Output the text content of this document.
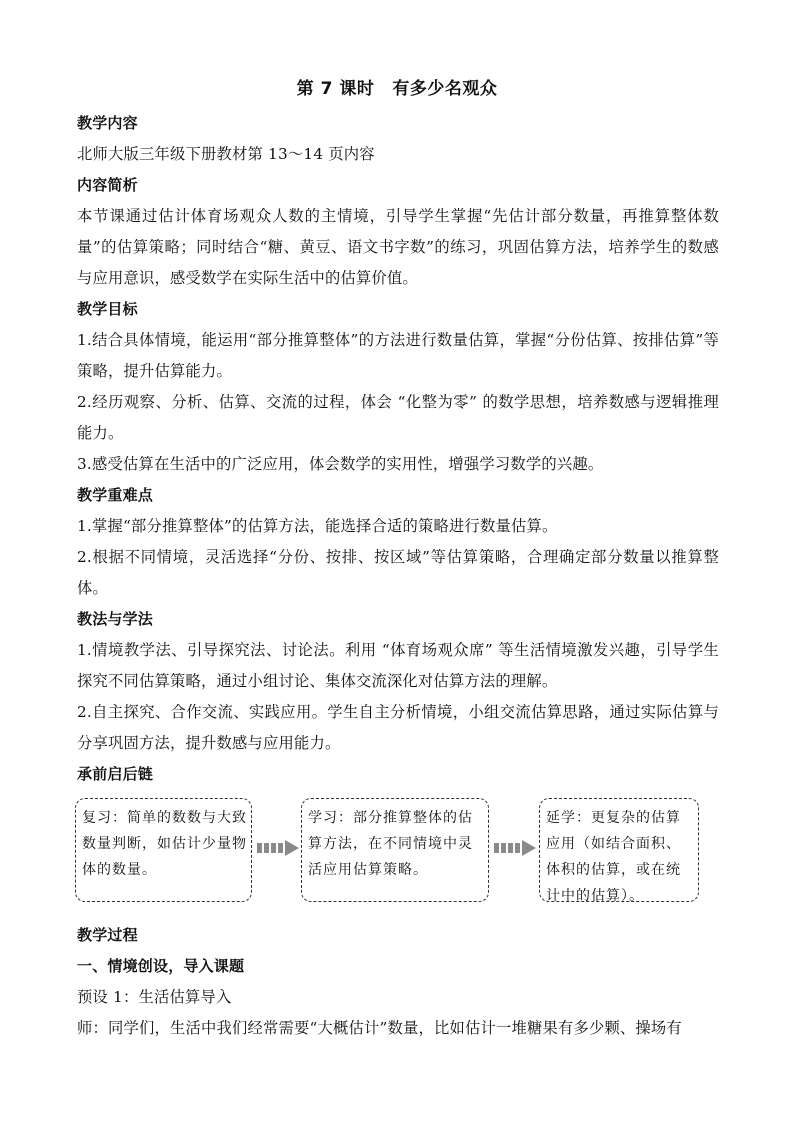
第 7 课时 有多少名观众
教学内容
北师大版三年级下册教材第 13～14 页内容
内容简析
本节课通过估计体育场观众人数的主情境，引导学生掌握“先估计部分数量，再推算整体数量”的估算策略；同时结合“糖、黄豆、语文书字数”的练习，巩固估算方法，培养学生的数感与应用意识，感受数学在实际生活中的估算价值。
教学目标
1.结合具体情境，能运用“部分推算整体”的方法进行数量估算，掌握“分份估算、按排估算”等策略，提升估算能力。
2.经历观察、分析、估算、交流的过程，体会 “化整为零” 的数学思想，培养数感与逻辑推理能力。
3.感受估算在生活中的广泛应用，体会数学的实用性，增强学习数学的兴趣。
教学重难点
1.掌握“部分推算整体”的估算方法，能选择合适的策略进行数量估算。
2.根据不同情境，灵活选择“分份、按排、按区域”等估算策略，合理确定部分数量以推算整体。
教法与学法
1.情境教学法、引导探究法、讨论法。利用 “体育场观众席” 等生活情境激发兴趣，引导学生探究不同估算策略，通过小组讨论、集体交流深化对估算方法的理解。
2.自主探究、合作交流、实践应用。学生自主分析情境，小组交流估算思路，通过实际估算与分享巩固方法，提升数感与应用能力。
承前启后链
复习：简单的数数与大致数量判断，如估计少量物体的数量。
学习：部分推算整体的估算方法，在不同情境中灵活应用估算策略。
延学：更复杂的估算应用（如结合面积、体积的估算，或在统计中的估算）。
教学过程
一、情境创设，导入课题
预设 1：生活估算导入
师：同学们，生活中我们经常需要“大概估计”数量，比如估计一堆糖果有多少颗、操场有
